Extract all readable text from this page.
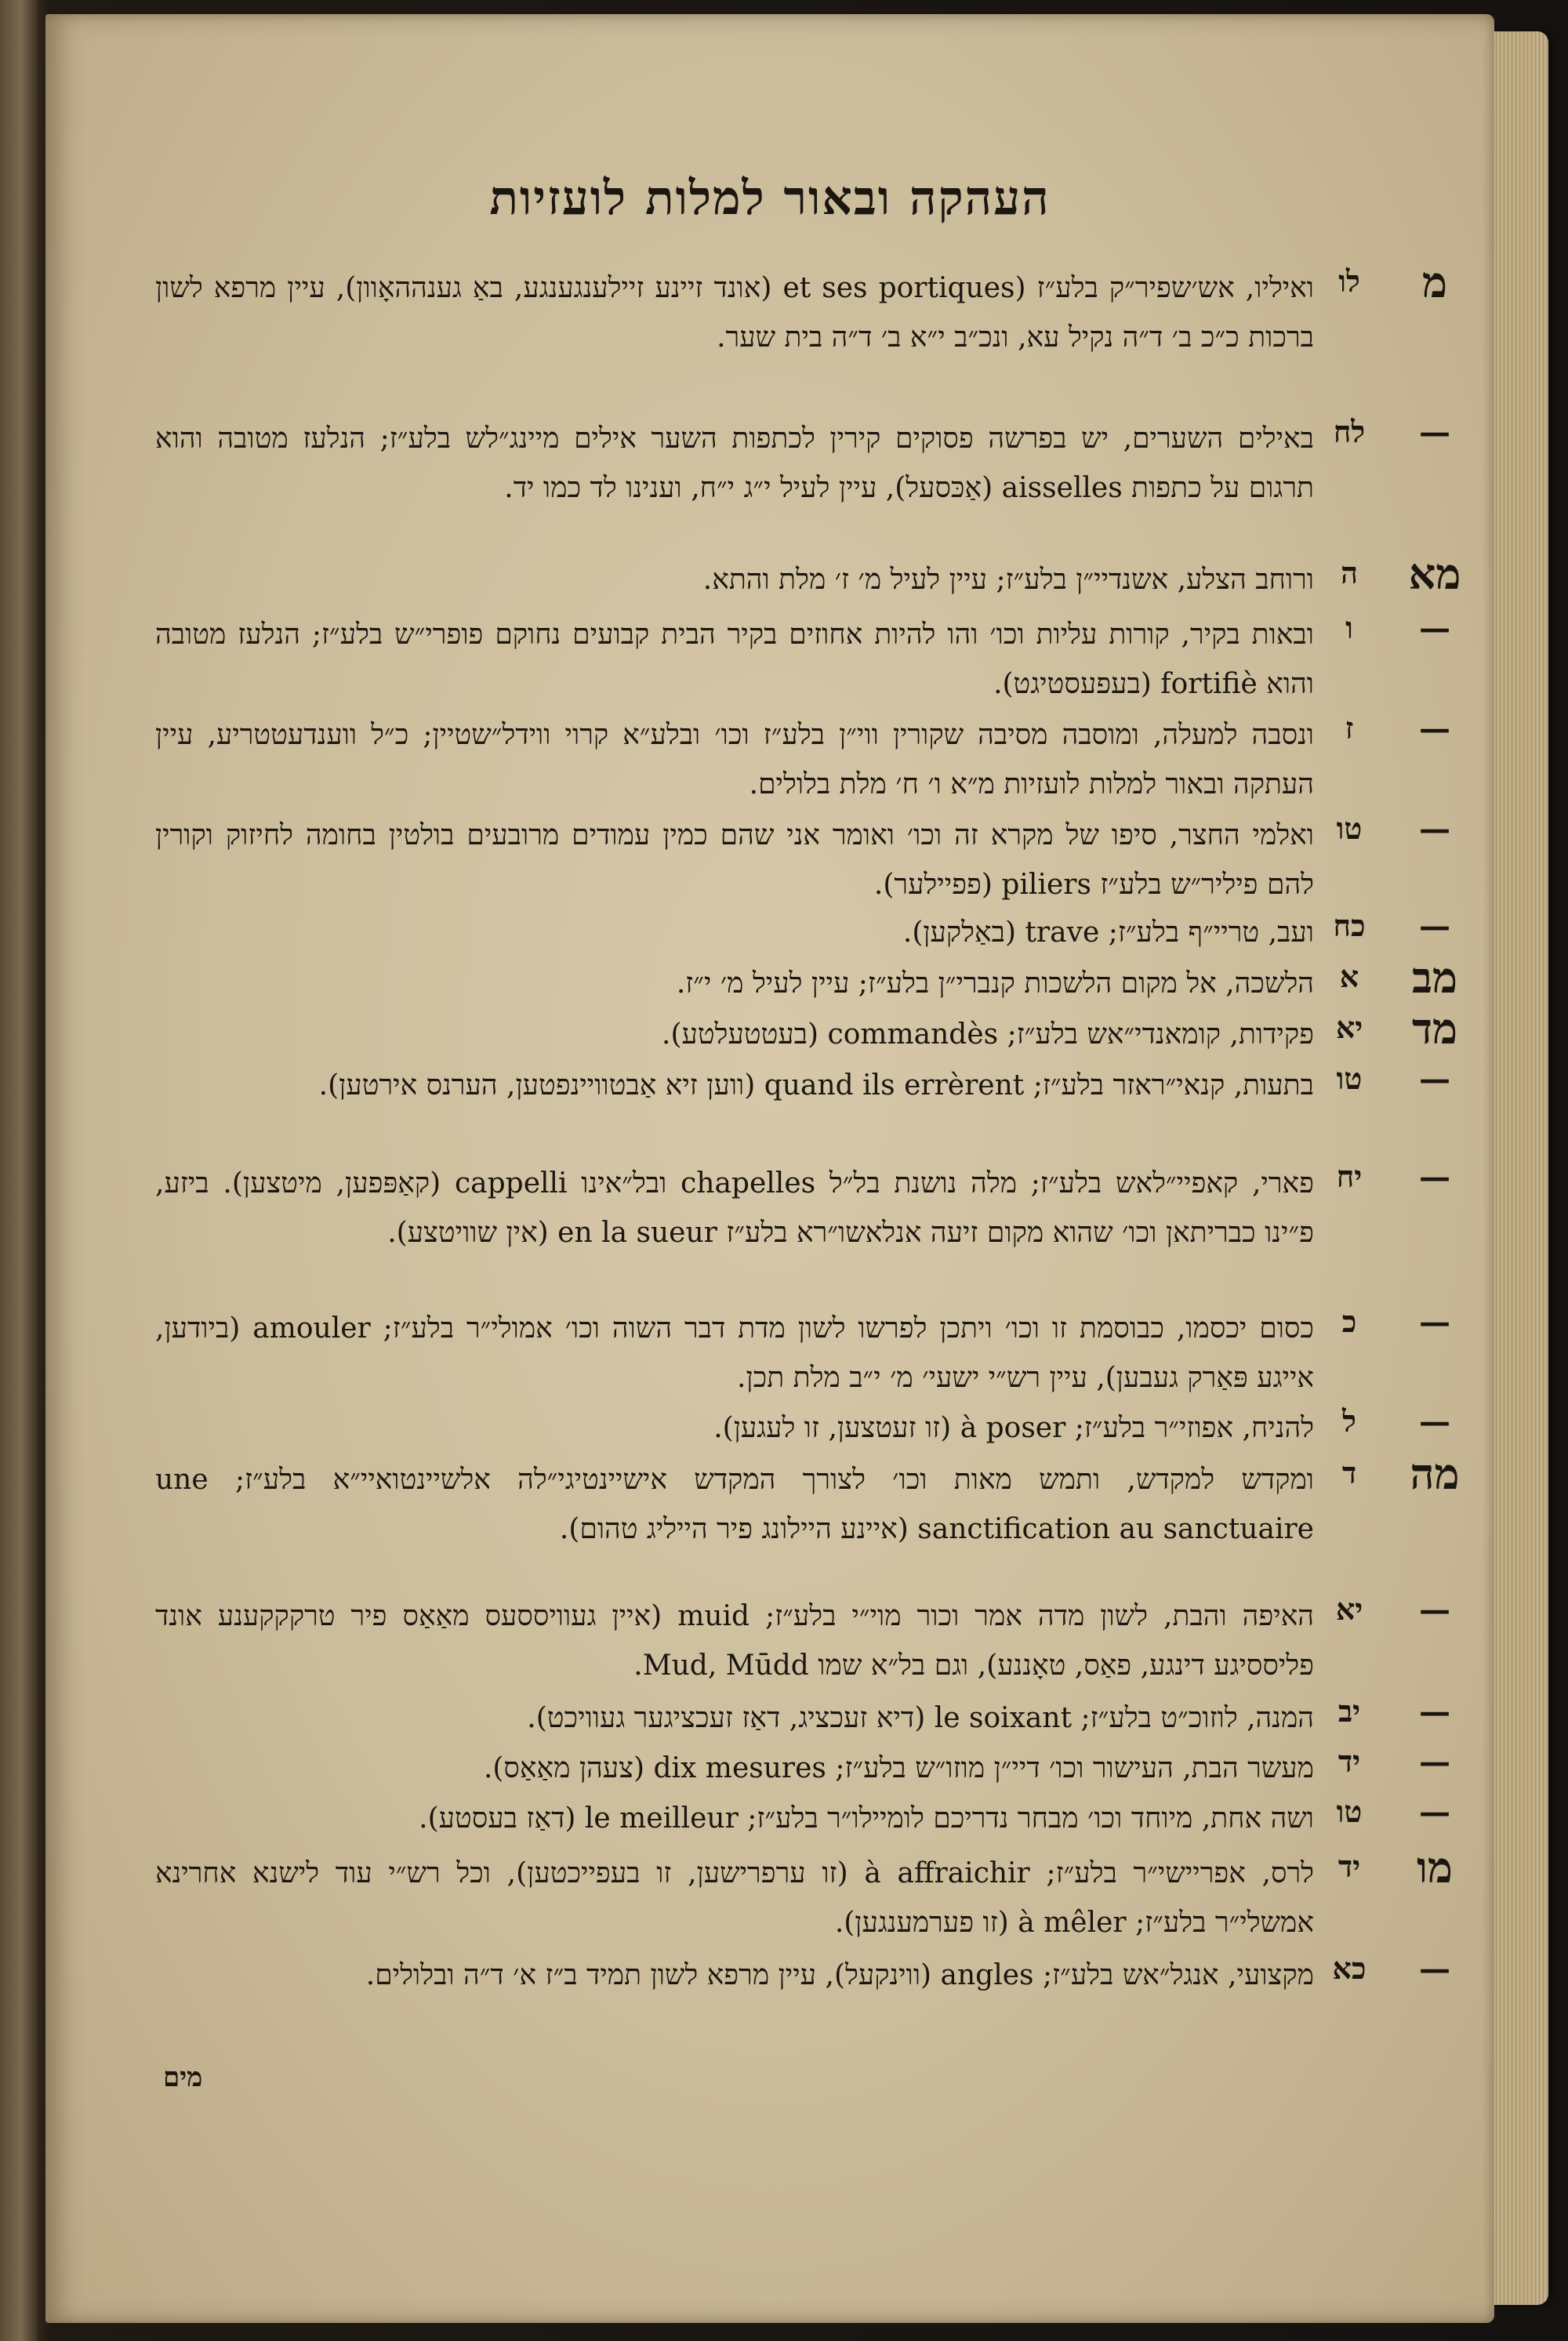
העהקה ובאור למלות לועזיות
מ
לו
ואיליו, אש׳שפיר״ק בלע״ז (et ses portiques (אונד זיינע זיילענגענגע, באַ גענההאָוון), עיין מרפא לשון ברכות כ״כ ב׳ ד״ה נקיל עא, ונכ״ב י״א ב׳ ד״ה בית שער.
—
לח
באילים השערים, יש בפרשה פסוקים קירין לכתפות השער אילים מיינג״לש בלע״ז; הנלעז מטובה והוא תרגום על כתפות aisselles (אַכּסעל), עיין לעיל י״ג י״ח, וענינו לד כמו יד.
מא
ה
ורוחב הצלע, אשנדיי״ן בלע״ז; עיין לעיל מ׳ ז׳ מלת והתא.
—
ו
ובאות בקיר, קורות עליות וכו׳ והו להיות אחוזים בקיר הבית קבועים נחוקם פופרי״ש בלע״ז; הנלעז מטובה והוא fortifiè (בעפעסטיגט).
—
ז
ונסבה למעלה, ומוסבה מסיבה שקורין ווי״ן בלע״ז וכו׳ ובלע״א קרוי ווידל״שטיין; כ״ל ווענדעטטריע, עיין העתקה ובאור למלות לועזיות מ״א ו׳ ח׳ מלת בלולים.
—
טו
ואלמי החצר, סיפו של מקרא זה וכו׳ ואומר אני שהם כמין עמודים מרובעים בולטין בחומה לחיזוק וקורין להם פיליר״ש בלע״ז piliers (פפיילער).
—
כח
ועב, טריי״ף בלע״ז; trave (באַלקען).
מב
א
הלשכה, אל מקום הלשכות קנברי״ן בלע״ז; עיין לעיל מ׳ י״ז.
מד
יא
פקידות, קומאנדי״אש בלע״ז; commandès (בעטטעלטע).
—
טו
בתעות, קנאי״ראזר בלע״ז; quand ils errèrent (ווען זיא אַבטוויינפטען, הערנס אירטען).
—
יח
פארי, קאפיי״לאש בלע״ז; מלה נושנת בל״ל chapelles ובל״אינו cappelli (קאַפּפען, מיטצען). ביזע, פ״ינו כבריתאן וכו׳ שהוא מקום זיעה אנלאשו״רא בלע״ז en la sueur (אין שוויטצע).
—
כ
כסום יכסמו, כבוסמת זו וכו׳ ויתכן לפרשו לשון מדת דבר השוה וכו׳ אמולי״ר בלע״ז; amouler (ביודען, אייגע פּאַרק געבען), עיין רש״י ישעי׳ מ׳ י״ב מלת תכן.
—
ל
להניח, אפוזי״ר בלע״ז; à poser (זו זעטצען, זו לעגען).
מה
ד
ומקדש למקדש, ותמש מאות וכו׳ לצורך המקדש אישיינטיגי״לה אלשיינטואיי״א בלע״ז; une sanctification au sanctuaire (איינע היילונג פיר הייליג טהום).
—
יא
האיפה והבת, לשון מדה אמר וכור מוי״י בלע״ז; muid (איין געוויססעס מאַאַס פיר טרקקקענע אונד פליססיגע דינגע, פאַס, טאָננע), וגם בל״א שמו Mud, Mūdd.
—
יב
המנה, לוזוכ״ט בלע״ז; le soixant (דיא זעכציג, דאַז זעכציגער געוויכט).
—
יד
מעשר הבת, העישור וכו׳ דיי״ן מוזו״ש בלע״ז; dix mesures (צעהן מאַאַס).
—
טו
ושה אחת, מיוחד וכו׳ מבחר נדריכם לומיילו״ר בלע״ז; le meilleur (דאַז בעסטע).
מו
יד
לרס, אפריישי״ר בלע״ז; à affraichir (זו ערפרישען, זו בעפייכטען), וכל רש״י עוד לישנא אחרינא אמשלי״ר בלע״ז; à mêler (זו פערמענגען).
—
כא
מקצועי, אנגל״אש בלע״ז; angles (ווינקעל), עיין מרפא לשון תמיד ב״ז א׳ ד״ה ובלולים.
מים
